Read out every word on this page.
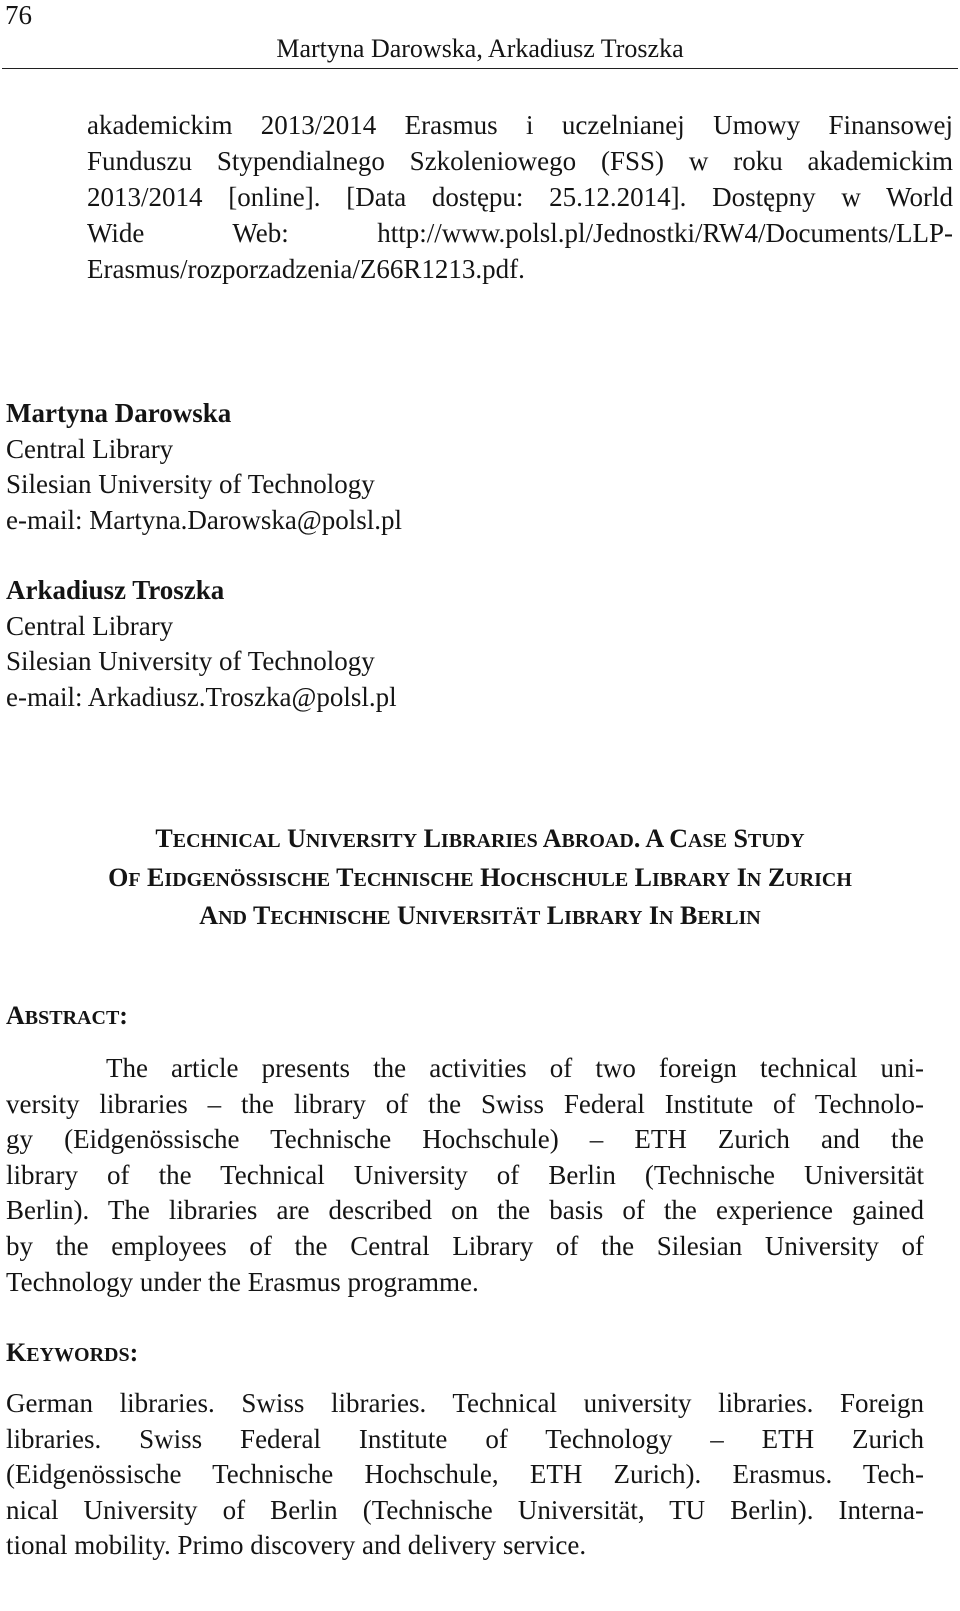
76
Martyna Darowska, Arkadiusz Troszka
akademickim 2013/2014 Erasmus i uczelnianej Umowy Finansowej
Funduszu Stypendialnego Szkoleniowego (FSS) w roku akademickim
2013/2014 [online]. [Data dostępu: 25.12.2014]. Dostępny w World
Wide Web: http://www.polsl.pl/Jednostki/RW4/Documents/LLP-
Erasmus/rozporzadzenia/Z66R1213.pdf.
Martyna Darowska
Central Library
Silesian University of Technology
e-mail: Martyna.Darowska@polsl.pl
Arkadiusz Troszka
Central Library
Silesian University of Technology
e-mail: Arkadiusz.Troszka@polsl.pl
TECHNICAL UNIVERSITY LIBRARIES ABROAD. A CASE STUDY
OF EIDGENÖSSISCHE TECHNISCHE HOCHSCHULE LIBRARY IN ZURICH
AND TECHNISCHE UNIVERSITÄT LIBRARY IN BERLIN
ABSTRACT:
The article presents the activities of two foreign technical uni-
versity libraries – the library of the Swiss Federal Institute of Technolo-
gy (Eidgenössische Technische Hochschule) – ETH Zurich and the
library of the Technical University of Berlin (Technische Universität
Berlin). The libraries are described on the basis of the experience gained
by the employees of the Central Library of the Silesian University of
Technology under the Erasmus programme.
KEYWORDS:
German libraries. Swiss libraries. Technical university libraries. Foreign
libraries. Swiss Federal Institute of Technology – ETH Zurich
(Eidgenössische Technische Hochschule, ETH Zurich). Erasmus. Tech-
nical University of Berlin (Technische Universität, TU Berlin). Interna-
tional mobility. Primo discovery and delivery service.
